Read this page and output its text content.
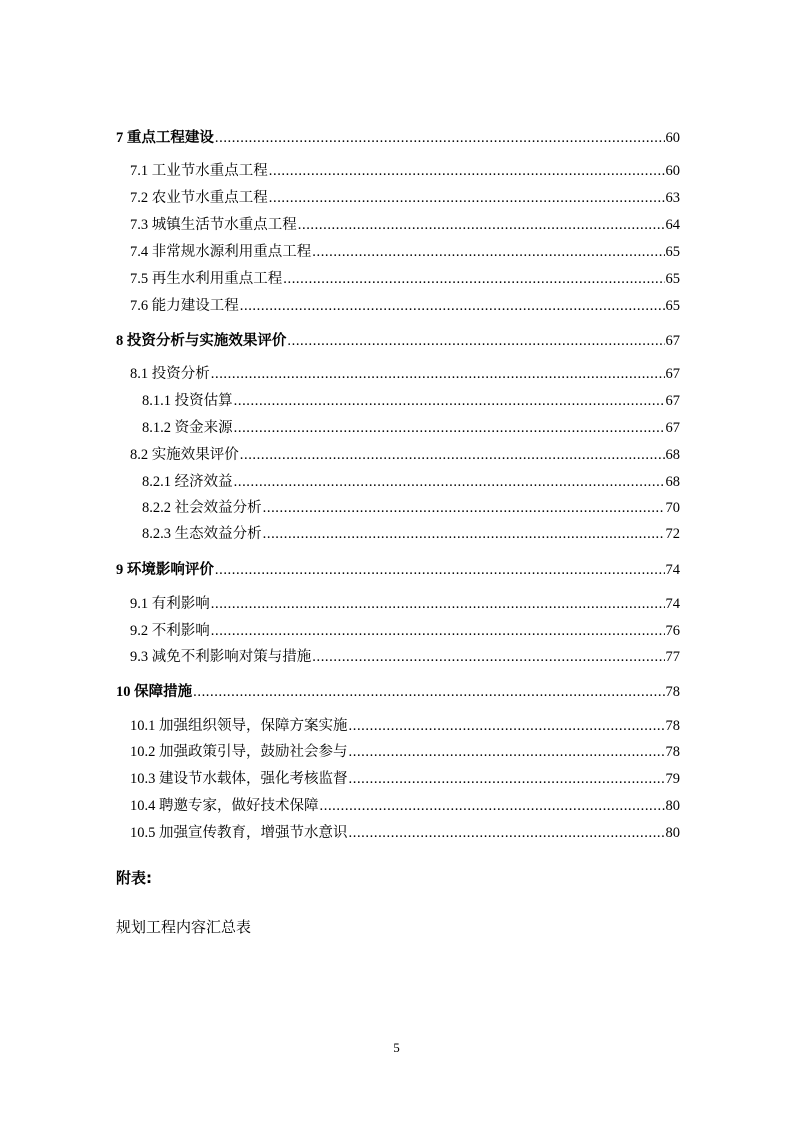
7 重点工程建设 .....	60
7.1 工业节水重点工程 .....	60
7.2 农业节水重点工程 .....	63
7.3 城镇生活节水重点工程 .....	64
7.4 非常规水源利用重点工程 .....	65
7.5 再生水利用重点工程 .....	65
7.6 能力建设工程 .....	65
8 投资分析与实施效果评价 .....	67
8.1 投资分析 .....	67
8.1.1 投资估算 .....	67
8.1.2 资金来源 .....	67
8.2 实施效果评价 .....	68
8.2.1 经济效益 .....	68
8.2.2 社会效益分析 .....	70
8.2.3 生态效益分析 .....	72
9 环境影响评价 .....	74
9.1 有利影响 .....	74
9.2 不利影响 .....	76
9.3 减免不利影响对策与措施 .....	77
10 保障措施 .....	78
10.1 加强组织领导，保障方案实施 .....	78
10.2 加强政策引导，鼓励社会参与 .....	78
10.3 建设节水载体，强化考核监督 .....	79
10.4 聘邀专家，做好技术保障 .....	80
10.5 加强宣传教育，增强节水意识 .....	80
附表:
规划工程内容汇总表
5
